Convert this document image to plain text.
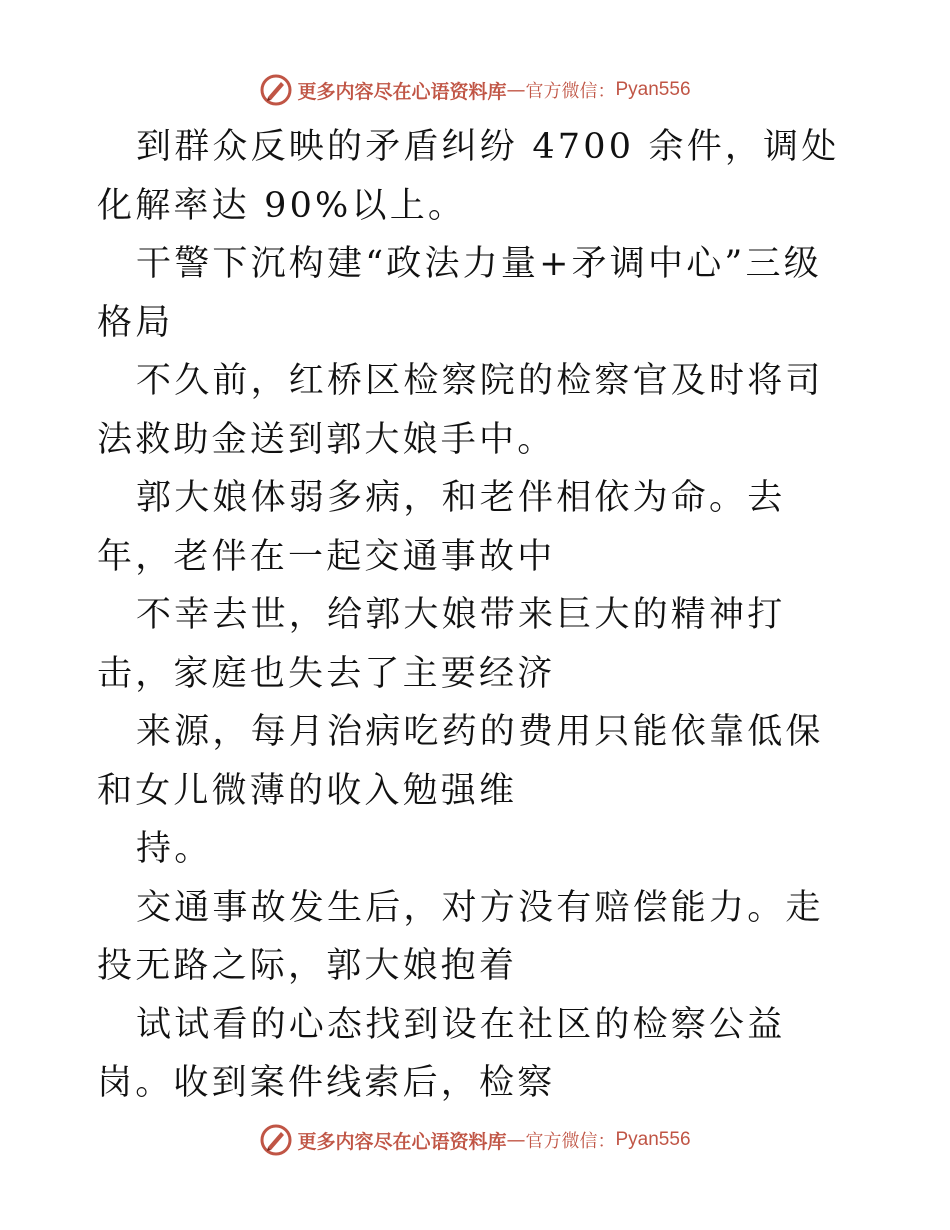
更多内容尽在心语资料库 — 官方微信： Pyan556

到群众反映的矛盾纠纷 4700 余件，调处化解率达 90%以上。

干警下沉构建“政法力量+矛调中心”三级格局

不久前，红桥区检察院的检察官及时将司法救助金送到郭大娘手中。

郭大娘体弱多病，和老伴相依为命。去年，老伴在一起交通事故中

不幸去世，给郭大娘带来巨大的精神打击，家庭也失去了主要经济

来源，每月治病吃药的费用只能依靠低保和女儿微薄的收入勉强维

持。

交通事故发生后，对方没有赔偿能力。走投无路之际，郭大娘抱着

试试看的心态找到设在社区的检察公益岗。收到案件线索后，检察

更多内容尽在心语资料库 — 官方微信： Pyan556
